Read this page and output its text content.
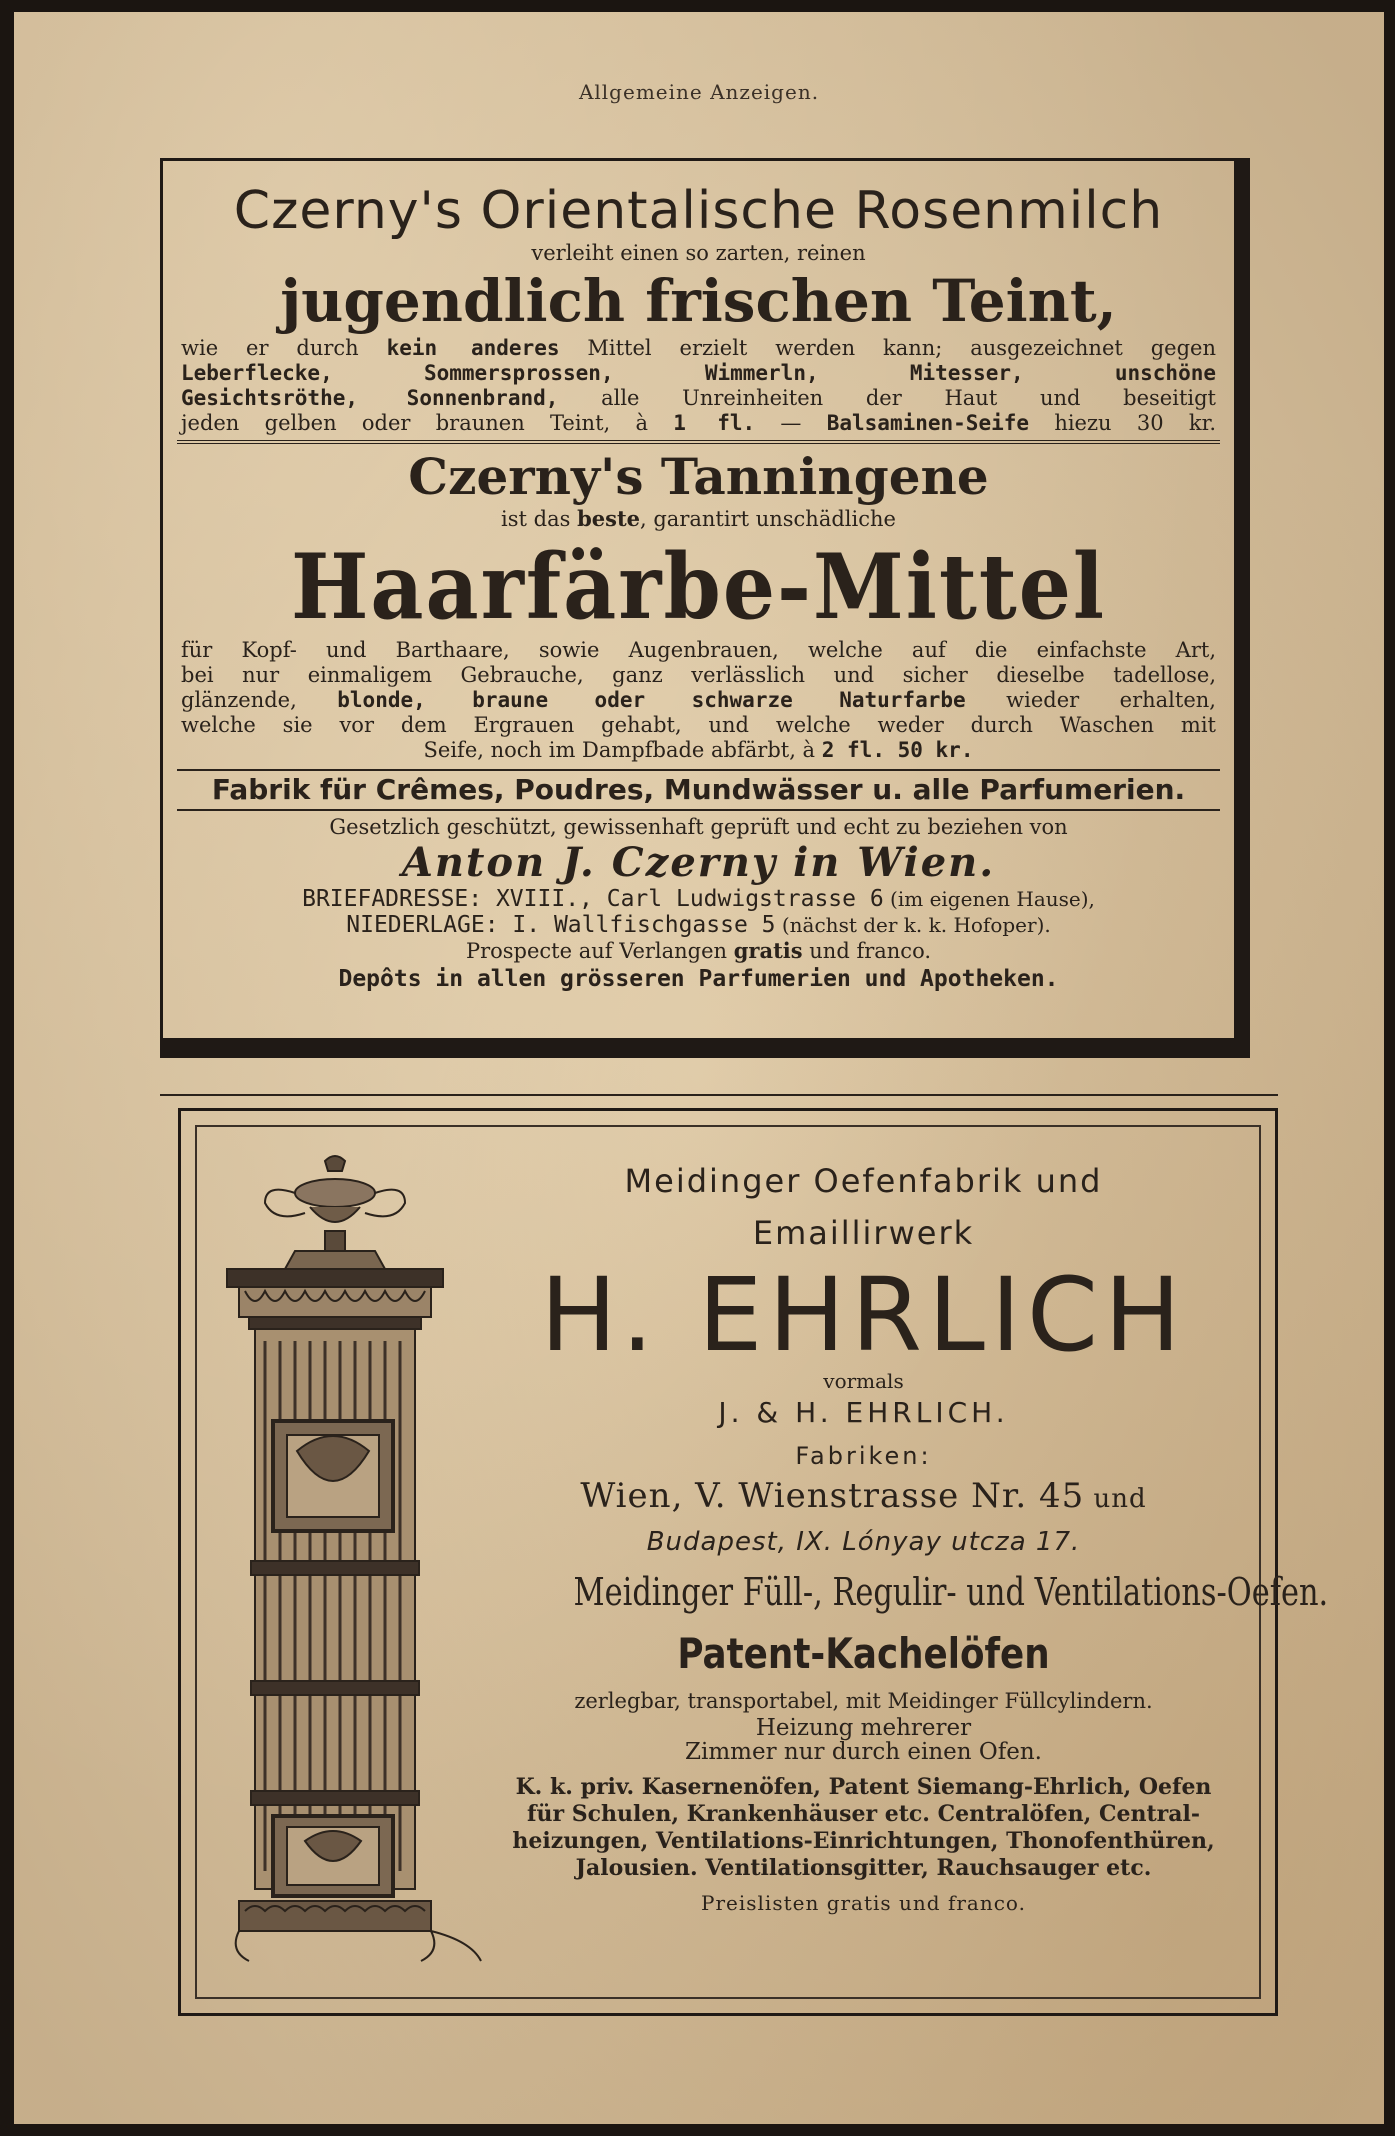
Allgemeine Anzeigen.
Czerny's Orientalische Rosenmilch
verleiht einen so zarten, reinen
jugendlich frischen Teint,
wie er durch kein anderes Mittel erzielt werden kann; ausgezeichnet gegen
Leberflecke, Sommersprossen, Wimmerln, Mitesser, unschöne
Gesichtsröthe, Sonnenbrand, alle Unreinheiten der Haut und beseitigt
jeden gelben oder braunen Teint, à 1 fl. — Balsaminen-Seife hiezu 30 kr.
Czerny's Tanningene
ist das beste, garantirt unschädliche
Haarfärbe-Mittel
für Kopf- und Barthaare, sowie Augenbrauen, welche auf die einfachste Art,
bei nur einmaligem Gebrauche, ganz verlässlich und sicher dieselbe tadellose,
glänzende, blonde, braune oder schwarze Naturfarbe wieder erhalten,
welche sie vor dem Ergrauen gehabt, und welche weder durch Waschen mit
Seife, noch im Dampfbade abfärbt, à 2 fl. 50 kr.
Fabrik für Crêmes, Poudres, Mundwässer u. alle Parfumerien.
Gesetzlich geschützt, gewissenhaft geprüft und echt zu beziehen von
Anton J. Czerny in Wien.
BRIEFADRESSE: XVIII., Carl Ludwigstrasse 6 (im eigenen Hause),
NIEDERLAGE: I. Wallfischgasse 5 (nächst der k. k. Hofoper).
Prospecte auf Verlangen gratis und franco.
Depôts in allen grösseren Parfumerien und Apotheken.
Meidinger Oefenfabrik und
Emaillirwerk
H. EHRLICH
vormals
J. & H. EHRLICH.
Fabriken:
Wien, V. Wienstrasse Nr. 45 und
Budapest, IX. Lónyay utcza 17.
Meidinger Füll-, Regulir- und Ventilations-Oefen.
Patent-Kachelöfen
zerlegbar, transportabel, mit Meidinger Füllcylindern.
Heizung mehrerer
Zimmer nur durch einen Ofen.
K. k. priv. Kasernenöfen, Patent Siemang-Ehrlich, Oefen
für Schulen, Krankenhäuser etc. Centralöfen, Central-
heizungen, Ventilations-Einrichtungen, Thonofenthüren,
Jalousien. Ventilationsgitter, Rauchsauger etc.
Preislisten gratis und franco.
